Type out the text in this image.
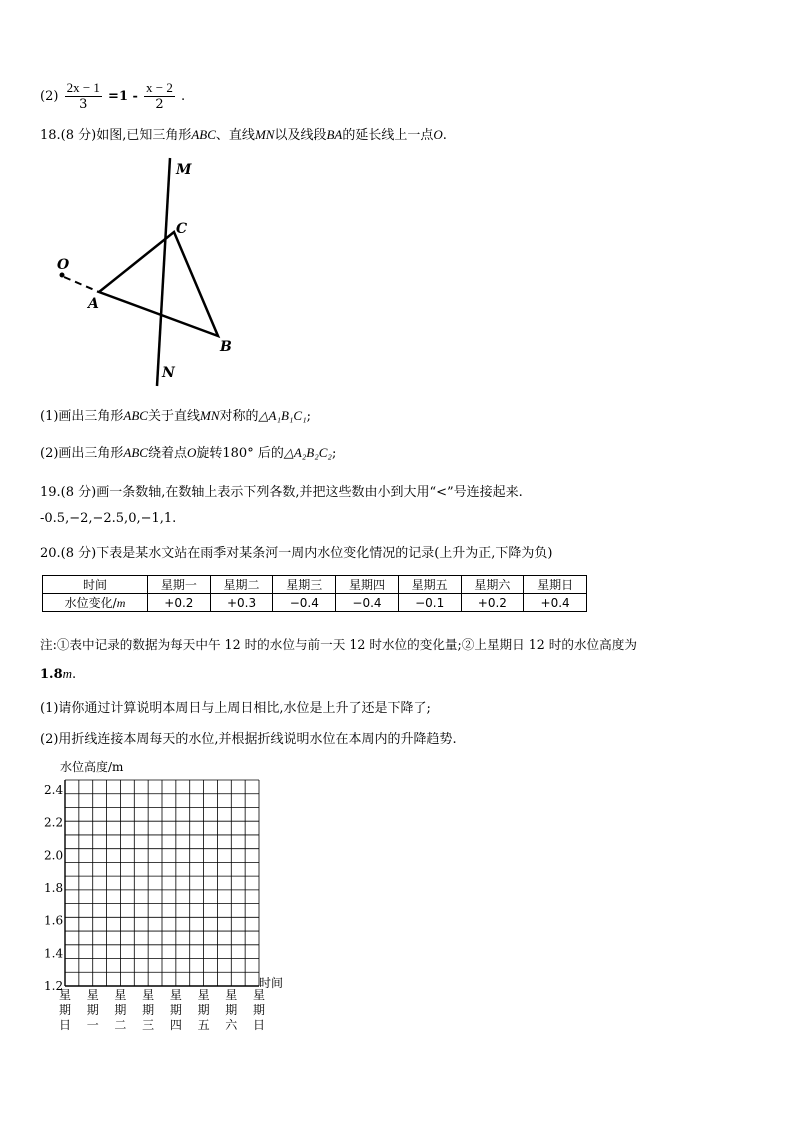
$(2) \frac{2x - 1}{3} =1 - \frac{x - 2}{2}$ .
18.(8 分)如图,已知三角形ABC、直线MN以及线段BA的延长线上一点O.
M
C
O
A
B
N
(1)画出三角形ABC关于直线MN对称的△A₁B₁C₁;
(2)画出三角形ABC绕着点O旋转180° 后的△A₂B₂C₂;
19.(8 分)画一条数轴,在数轴上表示下列各数,并把这些数由小到大用“<”号连接起来.
-0.5,−2,−2.5,0,−1,1.
20.(8 分)下表是某水文站在雨季对某条河一周内水位变化情况的记录(上升为正,下降为负)
时间	星期一	星期二	星期三	星期四	星期五	星期六	星期日
水位变化/m	+0.2	+0.3	−0.4	−0.4	−0.1	+0.2	+0.4
注:①表中记录的数据为每天中午 12 时的水位与前一天 12 时水位的变化量;②上星期日 12 时的水位高度为
1.8m.
(1)请你通过计算说明本周日与上周日相比,水位是上升了还是下降了;
(2)用折线连接本周每天的水位,并根据折线说明水位在本周内的升降趋势.
2.4
2.2
2.0
1.8
1.6
1.4
1.2
星期日
星期一
星期二
星期三
星期四
星期五
星期六
星期日
水位高度/m
时间
